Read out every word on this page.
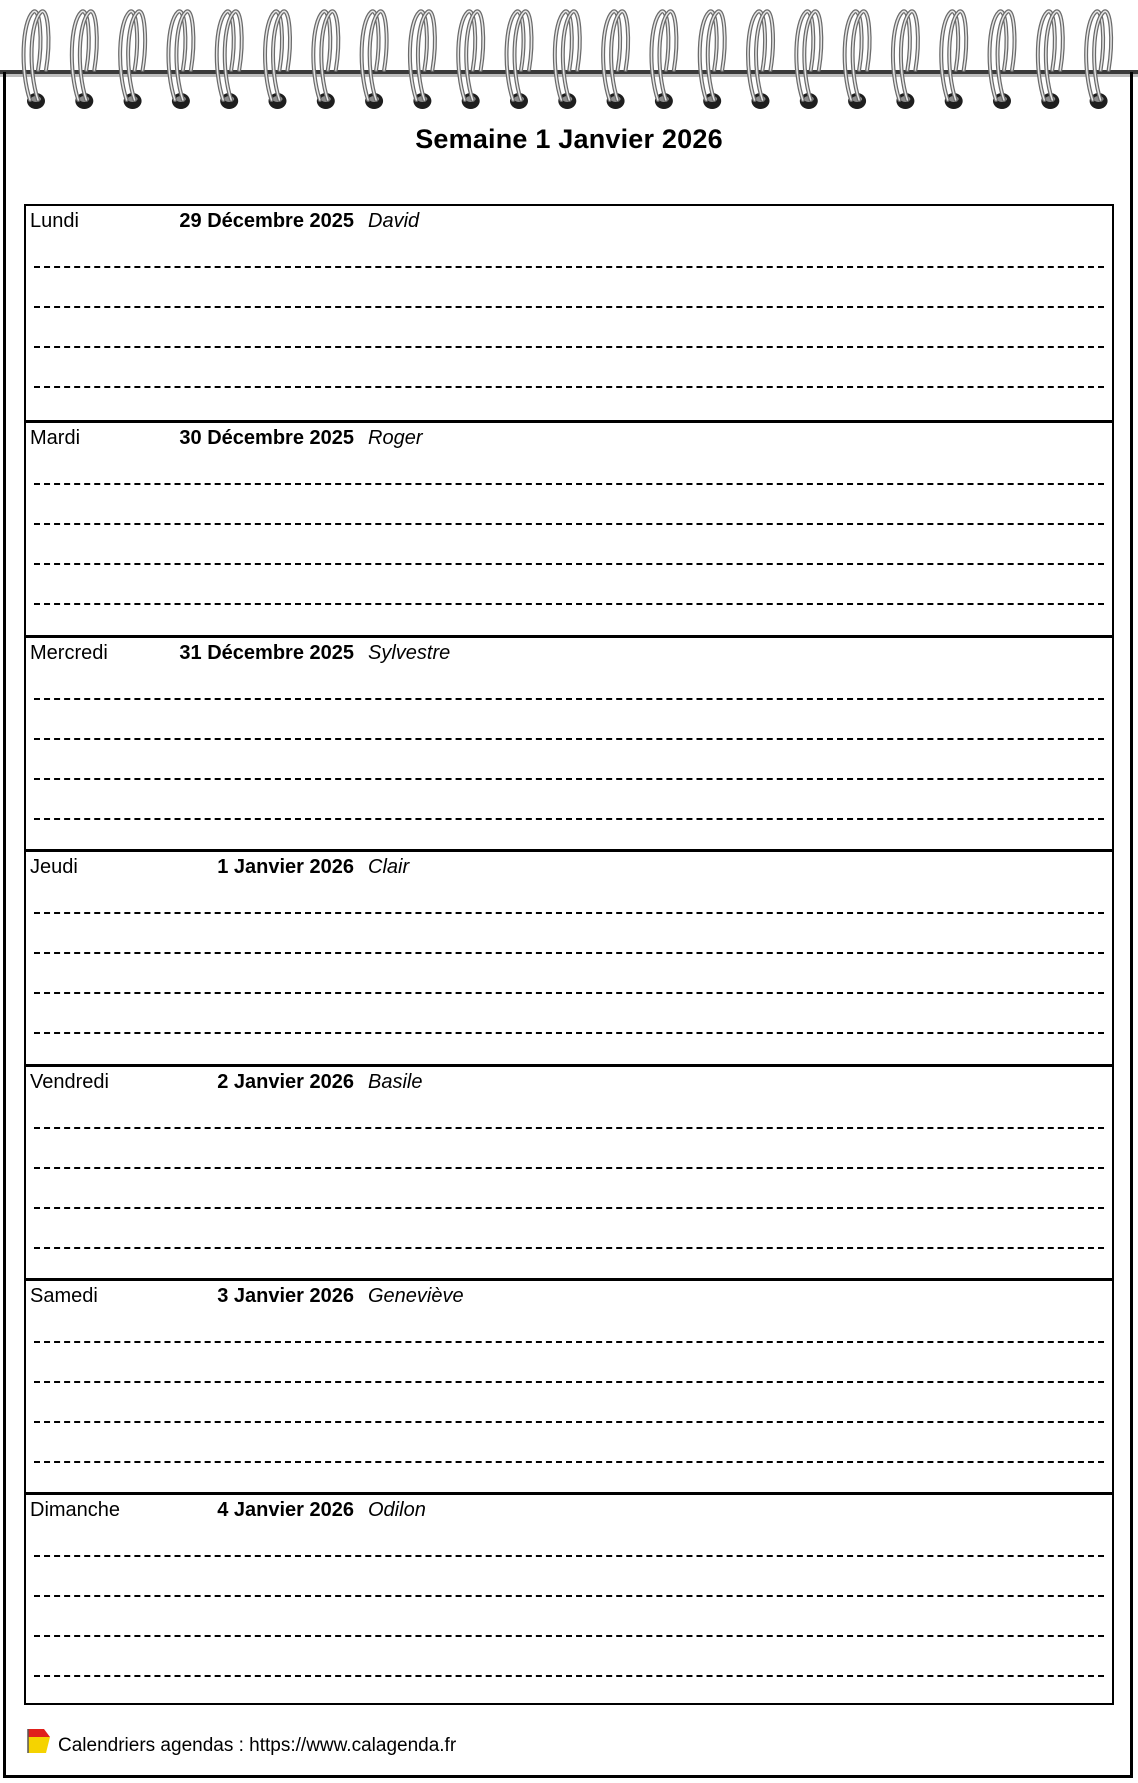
Semaine 1 Janvier 2026
Lundi	29 Décembre 2025 David
Mardi	30 Décembre 2025 Roger
Mercredi	31 Décembre 2025 Sylvestre
Jeudi	1 Janvier 2026 Clair
Vendredi	2 Janvier 2026 Basile
Samedi	3 Janvier 2026 Geneviève
Dimanche	4 Janvier 2026 Odilon
Calendriers agendas : https://www.calagenda.fr
